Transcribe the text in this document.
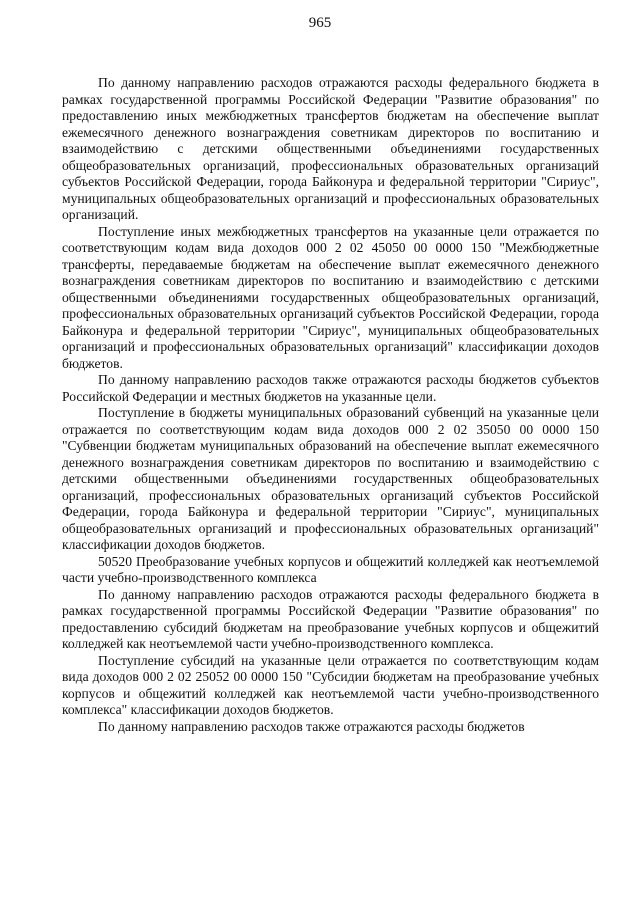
965

По данному направлению расходов отражаются расходы федерального бюджета в рамках государственной программы Российской Федерации "Развитие образования" по предоставлению иных межбюджетных трансфертов бюджетам на обеспечение выплат ежемесячного денежного вознаграждения советникам директоров по воспитанию и взаимодействию с детскими общественными объединениями государственных общеобразовательных организаций, профессиональных образовательных организаций субъектов Российской Федерации, города Байконура и федеральной территории "Сириус", муниципальных общеобразовательных организаций и профессиональных образовательных организаций.

Поступление иных межбюджетных трансфертов на указанные цели отражается по соответствующим кодам вида доходов 000 2 02 45050 00 0000 150 "Межбюджетные трансферты, передаваемые бюджетам на обеспечение выплат ежемесячного денежного вознаграждения советникам директоров по воспитанию и взаимодействию с детскими общественными объединениями государственных общеобразовательных организаций, профессиональных образовательных организаций субъектов Российской Федерации, города Байконура и федеральной территории "Сириус", муниципальных общеобразовательных организаций и профессиональных образовательных организаций" классификации доходов бюджетов.

По данному направлению расходов также отражаются расходы бюджетов субъектов Российской Федерации и местных бюджетов на указанные цели.

Поступление в бюджеты муниципальных образований субвенций на указанные цели отражается по соответствующим кодам вида доходов 000 2 02 35050 00 0000 150 "Субвенции бюджетам муниципальных образований на обеспечение выплат ежемесячного денежного вознаграждения советникам директоров по воспитанию и взаимодействию с детскими общественными объединениями государственных общеобразовательных организаций, профессиональных образовательных организаций субъектов Российской Федерации, города Байконура и федеральной территории "Сириус", муниципальных общеобразовательных организаций и профессиональных образовательных организаций" классификации доходов бюджетов.

50520 Преобразование учебных корпусов и общежитий колледжей как неотъемлемой части учебно-производственного комплекса

По данному направлению расходов отражаются расходы федерального бюджета в рамках государственной программы Российской Федерации "Развитие образования" по предоставлению субсидий бюджетам на преобразование учебных корпусов и общежитий колледжей как неотъемлемой части учебно-производственного комплекса.

Поступление субсидий на указанные цели отражается по соответствующим кодам вида доходов 000 2 02 25052 00 0000 150 "Субсидии бюджетам на преобразование учебных корпусов и общежитий колледжей как неотъемлемой части учебно-производственного комплекса" классификации доходов бюджетов.

По данному направлению расходов также отражаются расходы бюджетов
